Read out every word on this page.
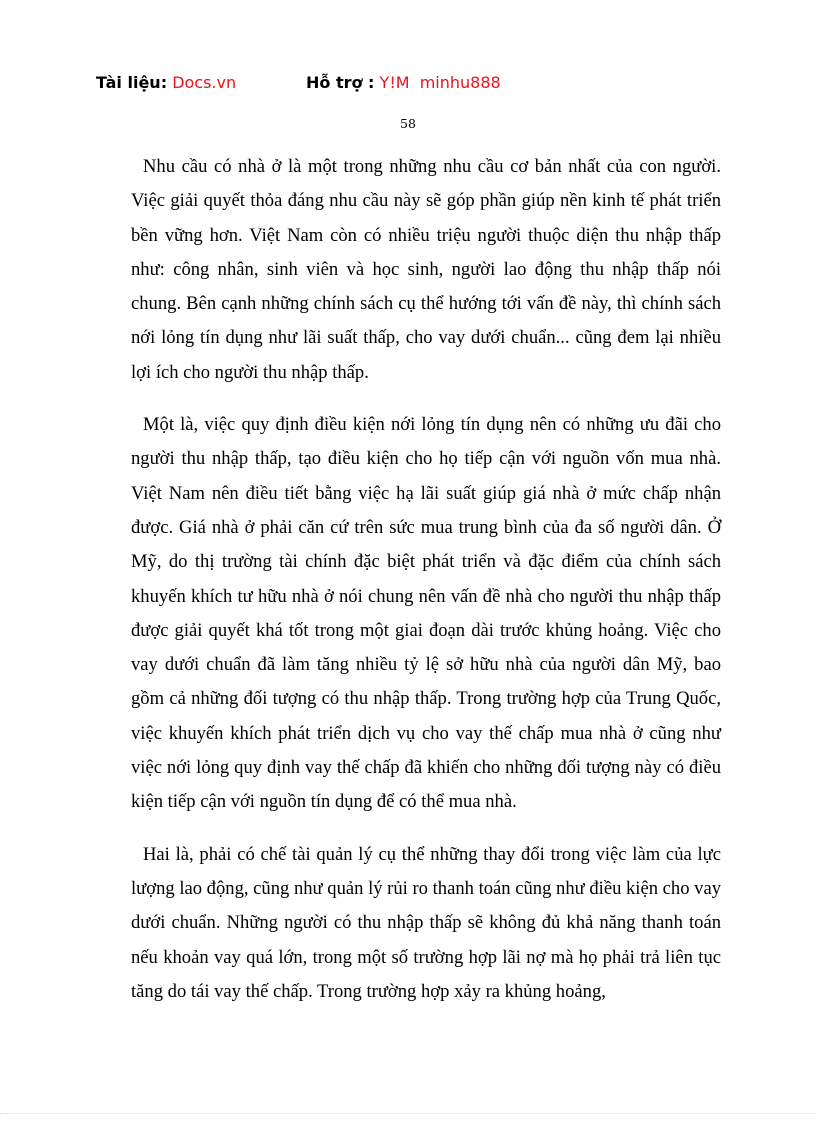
Tài liệu: Docs.vn	Hỗ trợ : Y!M  minhu888
58

Nhu cầu có nhà ở là một trong những nhu cầu cơ bản nhất của con người. Việc giải quyết thỏa đáng nhu cầu này sẽ góp phần giúp nền kinh tế phát triển bền vững hơn. Việt Nam còn có nhiều triệu người thuộc diện thu nhập thấp như: công nhân, sinh viên và học sinh, người lao động thu nhập thấp nói chung. Bên cạnh những chính sách cụ thể hướng tới vấn đề này, thì chính sách nới lỏng tín dụng như lãi suất thấp, cho vay dưới chuẩn... cũng đem lại nhiều lợi ích cho người thu nhập thấp.

Một là, việc quy định điều kiện nới lỏng tín dụng nên có những ưu đãi cho người thu nhập thấp, tạo điều kiện cho họ tiếp cận với nguồn vốn mua nhà. Việt Nam nên điều tiết bằng việc hạ lãi suất giúp giá nhà ở mức chấp nhận được. Giá nhà ở phải căn cứ trên sức mua trung bình của đa số người dân. Ở Mỹ, do thị trường tài chính đặc biệt phát triển và đặc điểm của chính sách khuyến khích tư hữu nhà ở nói chung nên vấn đề nhà cho người thu nhập thấp được giải quyết khá tốt trong một giai đoạn dài trước khủng hoảng. Việc cho vay dưới chuẩn đã làm tăng nhiều tỷ lệ sở hữu nhà của người dân Mỹ, bao gồm cả những đối tượng có thu nhập thấp. Trong trường hợp của Trung Quốc, việc khuyến khích phát triển dịch vụ cho vay thế chấp mua nhà ở cũng như việc nới lỏng quy định vay thế chấp đã khiến cho những đối tượng này có điều kiện tiếp cận với nguồn tín dụng để có thể mua nhà.

Hai là, phải có chế tài quản lý cụ thể những thay đổi trong việc làm của lực lượng lao động, cũng như quản lý rủi ro thanh toán cũng như điều kiện cho vay dưới chuẩn. Những người có thu nhập thấp sẽ không đủ khả năng thanh toán nếu khoản vay quá lớn, trong một số trường hợp lãi nợ mà họ phải trả liên tục tăng do tái vay thế chấp. Trong trường hợp xảy ra khủng hoảng,
